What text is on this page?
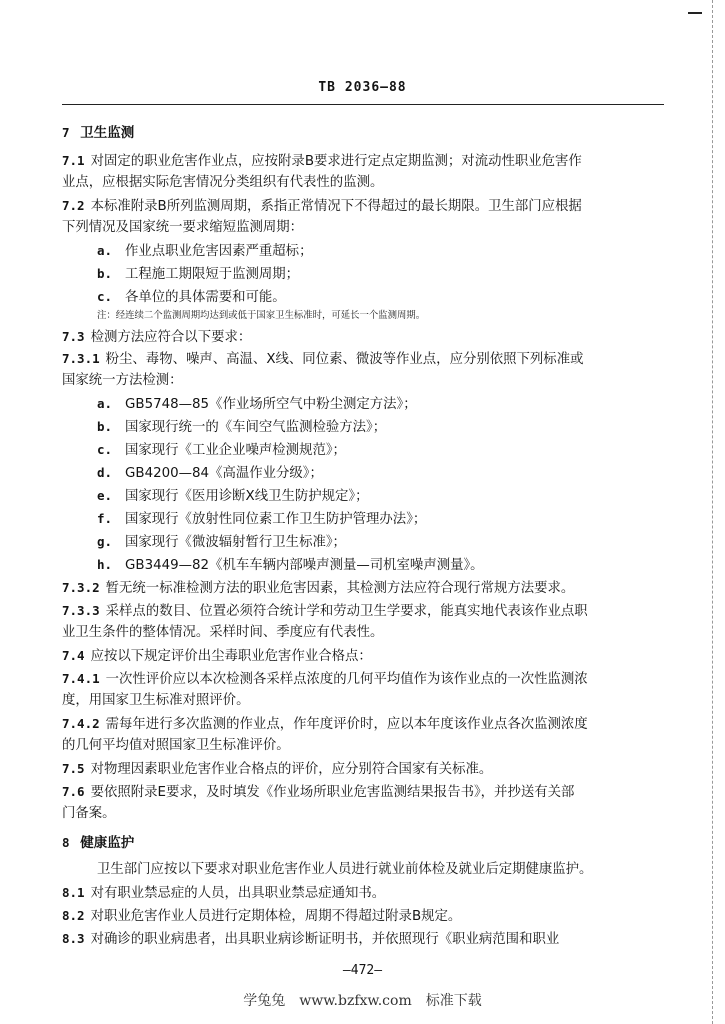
TB 2036—88
7 卫生监测
7.1 对固定的职业危害作业点，应按附录B要求进行定点定期监测；对流动性职业危害作
业点，应根据实际危害情况分类组织有代表性的监测。
7.2 本标准附录B所列监测周期，系指正常情况下不得超过的最长期限。卫生部门应根据
下列情况及国家统一要求缩短监测周期：
a. 作业点职业危害因素严重超标；
b. 工程施工期限短于监测周期；
c. 各单位的具体需要和可能。
注：经连续二个监测周期均达到或低于国家卫生标准时，可延长一个监测周期。
7.3 检测方法应符合以下要求：
7.3.1 粉尘、毒物、噪声、高温、X线、同位素、微波等作业点，应分别依照下列标准或
国家统一方法检测：
a. GB5748—85《作业场所空气中粉尘测定方法》；
b. 国家现行统一的《车间空气监测检验方法》；
c. 国家现行《工业企业噪声检测规范》；
d. GB4200—84《高温作业分级》；
e. 国家现行《医用诊断X线卫生防护规定》；
f. 国家现行《放射性同位素工作卫生防护管理办法》；
g. 国家现行《微波辐射暂行卫生标准》；
h. GB3449—82《机车车辆内部噪声测量—司机室噪声测量》。
7.3.2 暂无统一标准检测方法的职业危害因素，其检测方法应符合现行常规方法要求。
7.3.3 采样点的数目、位置必须符合统计学和劳动卫生学要求，能真实地代表该作业点职
业卫生条件的整体情况。采样时间、季度应有代表性。
7.4 应按以下规定评价出尘毒职业危害作业合格点：
7.4.1 一次性评价应以本次检测各采样点浓度的几何平均值作为该作业点的一次性监测浓
度，用国家卫生标准对照评价。
7.4.2 需每年进行多次监测的作业点，作年度评价时，应以本年度该作业点各次监测浓度
的几何平均值对照国家卫生标准评价。
7.5 对物理因素职业危害作业合格点的评价，应分别符合国家有关标准。
7.6 要依照附录E要求，及时填发《作业场所职业危害监测结果报告书》，并抄送有关部
门备案。
8 健康监护
卫生部门应按以下要求对职业危害作业人员进行就业前体检及就业后定期健康监护。
8.1 对有职业禁忌症的人员，出具职业禁忌症通知书。
8.2 对职业危害作业人员进行定期体检，周期不得超过附录B规定。
8.3 对确诊的职业病患者，出具职业病诊断证明书，并依照现行《职业病范围和职业
—472—
学兔兔　www.bzfxw.com　标准下载
